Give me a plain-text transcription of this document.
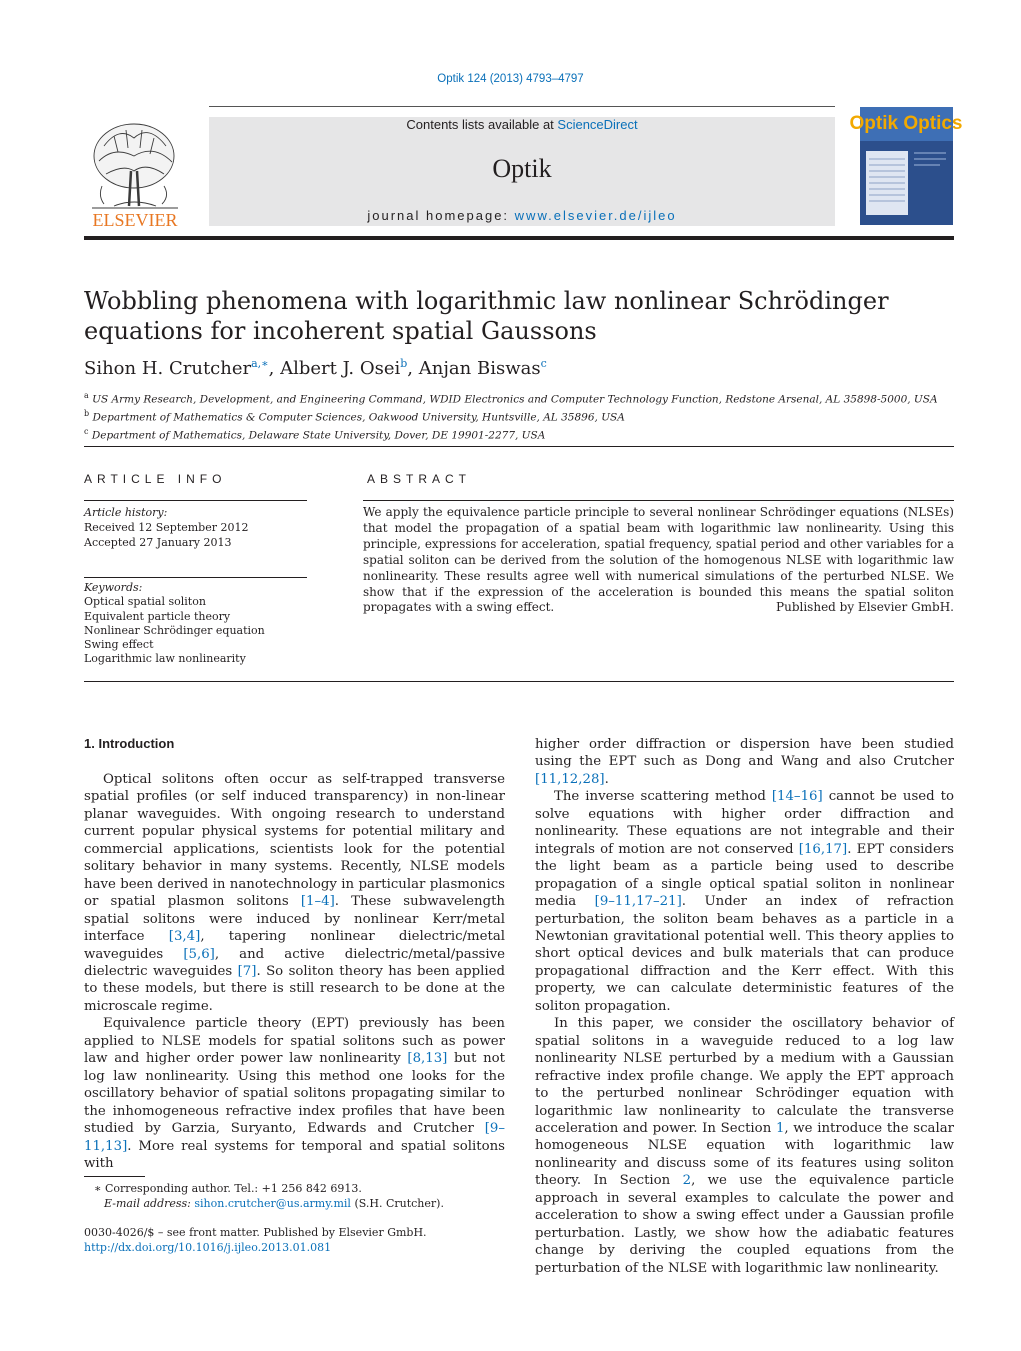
Optik 124 (2013) 4793–4797
ELSEVIER
Contents lists available at ScienceDirect
Optik
journal homepage: www.elsevier.de/ijleo
Optik Optics
Wobbling phenomena with logarithmic law nonlinear Schrödinger equations for incoherent spatial Gaussons
Sihon H. Crutcher$^{a,∗}$, Albert J. Osei$^b$, Anjan Biswas$^c$
$^a$ US Army Research, Development, and Engineering Command, WDID Electronics and Computer Technology Function, Redstone Arsenal, AL 35898-5000, USA
$^b$ Department of Mathematics & Computer Sciences, Oakwood University, Huntsville, AL 35896, USA
$^c$ Department of Mathematics, Delaware State University, Dover, DE 19901-2277, USA
ARTICLE INFO	ABSTRACT
Article history:
Received 12 September 2012
Accepted 27 January 2013
Keywords:
Optical spatial soliton
Equivalent particle theory
Nonlinear Schrödinger equation
Swing effect
Logarithmic law nonlinearity
We apply the equivalence particle principle to several nonlinear Schrödinger equations (NLSEs) that model the propagation of a spatial beam with logarithmic law nonlinearity. Using this principle, expressions for acceleration, spatial frequency, spatial period and other variables for a spatial soliton can be derived from the solution of the homogenous NLSE with logarithmic law nonlinearity. These results agree well with numerical simulations of the perturbed NLSE. We show that if the expression of the acceleration is bounded this means the spatial soliton propagates with a swing effect.	Published by Elsevier GmbH.
1. Introduction

Optical solitons often occur as self-trapped transverse spatial profiles (or self induced transparency) in non-linear planar waveguides. With ongoing research to understand current popular physical systems for potential military and commercial applications, scientists look for the potential solitary behavior in many systems. Recently, NLSE models have been derived in nanotechnology in particular plasmonics or spatial plasmon solitons [1–4]. These subwavelength spatial solitons were induced by nonlinear Kerr/metal interface [3,4], tapering nonlinear dielectric/metal waveguides [5,6], and active dielectric/metal/passive dielectric waveguides [7]. So soliton theory has been applied to these models, but there is still research to be done at the microscale regime.

Equivalence particle theory (EPT) previously has been applied to NLSE models for spatial solitons such as power law and higher order power law nonlinearity [8,13] but not log law nonlinearity. Using this method one looks for the oscillatory behavior of spatial solitons propagating similar to the inhomogeneous refractive index profiles that have been studied by Garzia, Suryanto, Edwards and Crutcher [9–11,13]. More real systems for temporal and spatial solitons with

higher order diffraction or dispersion have been studied using the EPT such as Dong and Wang and also Crutcher [11,12,28].

The inverse scattering method [14–16] cannot be used to solve equations with higher order diffraction and nonlinearity. These equations are not integrable and their integrals of motion are not conserved [16,17]. EPT considers the light beam as a particle being used to describe propagation of a single optical spatial soliton in nonlinear media [9–11,17–21]. Under an index of refraction perturbation, the soliton beam behaves as a particle in a Newtonian gravitational potential well. This theory applies to short optical devices and bulk materials that can produce propagational diffraction and the Kerr effect. With this property, we can calculate deterministic features of the soliton propagation.

In this paper, we consider the oscillatory behavior of spatial solitons in a waveguide reduced to a log law nonlinearity NLSE perturbed by a medium with a Gaussian refractive index profile change. We apply the EPT approach to the perturbed nonlinear Schrödinger equation with logarithmic law nonlinearity to calculate the transverse acceleration and power. In Section 1, we introduce the scalar homogeneous NLSE equation with logarithmic law nonlinearity and discuss some of its features using soliton theory. In Section 2, we use the equivalence particle approach in several examples to calculate the power and acceleration to show a swing effect under a Gaussian profile perturbation. Lastly, we show how the adiabatic features change by deriving the coupled equations from the perturbation of the NLSE with logarithmic law nonlinearity.

∗ Corresponding author. Tel.: +1 256 842 6913.
E-mail address: sihon.crutcher@us.army.mil (S.H. Crutcher).
0030-4026/$ – see front matter. Published by Elsevier GmbH.
http://dx.doi.org/10.1016/j.ijleo.2013.01.081
